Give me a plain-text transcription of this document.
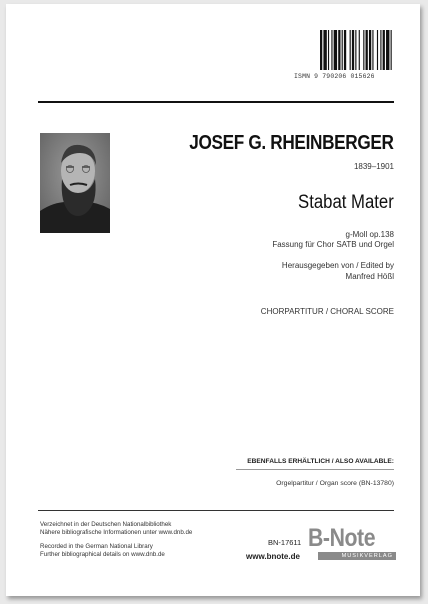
ISMN 9 790206 015626
JOSEF G. RHEINBERGER
1839–1901
Stabat Mater
g-Moll op.138
Fassung für Chor SATB und Orgel
Herausgegeben von / Edited by
Manfred Hößl
CHORPARTITUR / CHORAL SCORE
EBENFALLS ERHÄLTLICH / ALSO AVAILABLE:
Orgelpartitur / Organ score (BN-13780)
Verzeichnet in der Deutschen Nationalbibliothek
Nähere bibliografische Informationen unter www.dnb.de
Recorded in the German National Library
Further bibliographical details on www.dnb.de
BN-17611
www.bnote.de
B-Note
MUSIKVERLAG
